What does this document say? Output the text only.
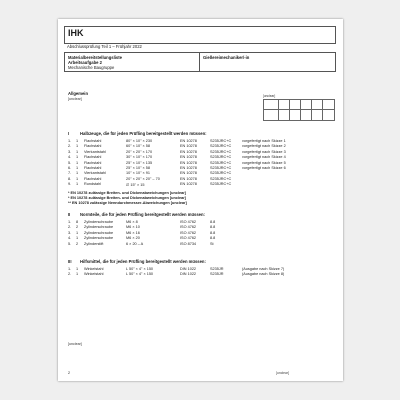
IHK
Abschlussprüfung Teil 1 – Frühjahr 2022
Materialbereitstellungsliste
Arbeitsaufgabe 2
Mechanische Baugruppe
Gießereimechaniker/-in
Allgemein
[unclear]
[unclear]
I	Halbzeuge, die für jeden Prüfling bereitgestellt werden müssen:
1. 1 Flachstahl	80" × 10" × 230	EN 10278	S235JRC+C	vorgefertigt nach Skizze 1
2. 1 Flachstahl	60" × 10" × 58	EN 10278	S235JRC+C	vorgefertigt nach Skizze 2
3. 1 Vierkantstahl	20" × 20" × 170	EN 10278	S235JRC+C	vorgefertigt nach Skizze 3
4. 1 Flachstahl	30" × 10" × 170	EN 10278	S235JRC+C	vorgefertigt nach Skizze 4
5. 1 Flachstahl	25" × 10" × 135	EN 10278	S235JRC+C	vorgefertigt nach Skizze 5
6. 1 Flachstahl	25" × 10" × 58	EN 10278	S235JRC+C	vorgefertigt nach Skizze 6
7. 1 Vierkantstahl	10" × 10" × 91	EN 10278	S235JRC+C
8. 1 Flachstahl	20" × 20" × 20" – 70	EN 10278	S235JRC+C
9. 1 Rundstahl	∅ 15" × 15	EN 10278	S235JRC+C
* EN 10278 zulässige Breiten- und Dickenabweichungen [unclear]
* EN 10278 zulässige Breiten- und Dickenabweichungen [unclear]
** EN 10278 zulässige Nenndurchmesser-Abweichungen [unclear]
II Normteile, die für jeden Prüfling bereitgestellt werden müssen:
1. 8 Zylinderschraube	M6 × 8	ISO 4762	8.8
2. 2 Zylinderschraube	M6 × 10	ISO 4762	8.8
3. 1 Zylinderschraube	M6 × 16	ISO 4762	8.8
4. 1 Zylinderschraube	M6 × 20	ISO 4762	8.8
5. 2 Zylinderstift	6 × 20 – A	ISO 8734	St
III Hilfsmittel, die für jeden Prüfling bereitgestellt werden müssen:
1. 1 Winkelstahl	L 50" × 4" × 150	DIN 1022	S235JR	(Ausgabe nach Skizze 7)
2. 1 Winkelstahl	L 50" × 4" × 150	DIN 1022	S235JR	(Ausgabe nach Skizze 8)
[unclear]
2	[unclear]
